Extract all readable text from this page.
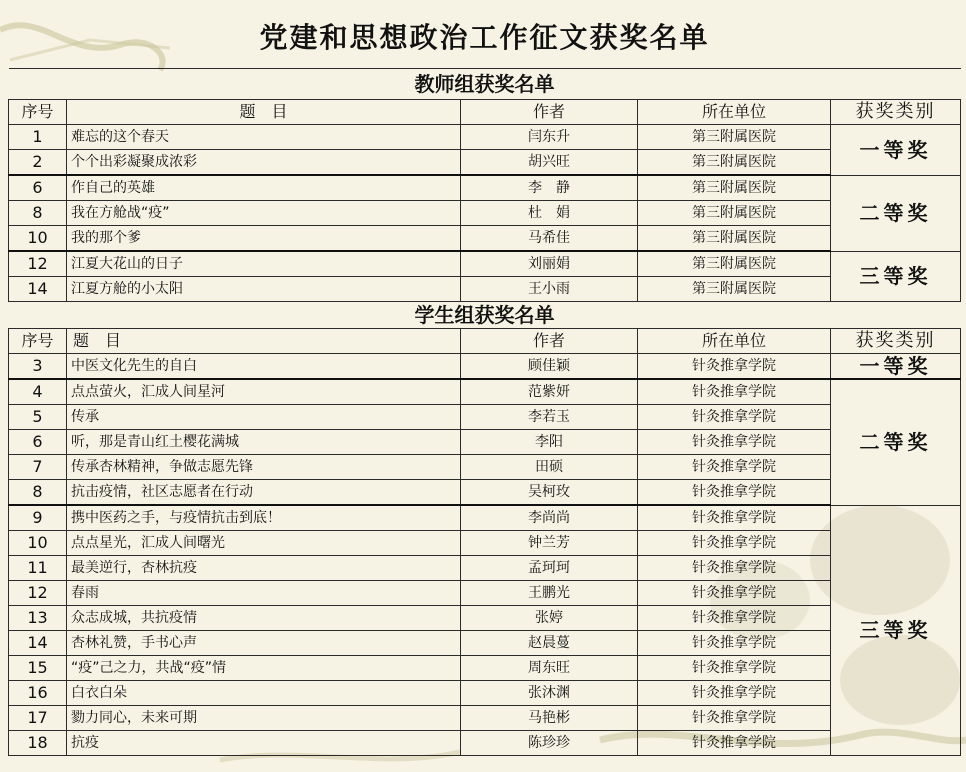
党建和思想政治工作征文获奖名单				
教师组获奖名单				
序号	题　目	作者	所在单位	获奖类别
1	难忘的这个春天	闫东升	第三附属医院	一等奖
2	个个出彩凝聚成浓彩	胡兴旺	第三附属医院	
6	作自己的英雄	李　静	第三附属医院	二等奖
8	我在方舱战“疫”	杜　娟	第三附属医院	
10	我的那个爹	马希佳	第三附属医院	
12	江夏大花山的日子	刘丽娟	第三附属医院	三等奖
14	江夏方舱的小太阳	王小雨	第三附属医院	
学生组获奖名单				
序号	题　目	作者	所在单位	获奖类别
3	中医文化先生的自白	顾佳颖	针灸推拿学院	一等奖
4	点点萤火，汇成人间星河	范紫妍	针灸推拿学院	二等奖
5	传承	李若玉	针灸推拿学院	
6	听，那是青山红土樱花满城	李阳	针灸推拿学院	
7	传承杏林精神，争做志愿先锋	田硕	针灸推拿学院	
8	抗击疫情，社区志愿者在行动	吴柯玫	针灸推拿学院	
9	携中医药之手，与疫情抗击到底！	李尚尚	针灸推拿学院	三等奖
10	点点星光，汇成人间曙光	钟兰芳	针灸推拿学院	
11	最美逆行，杏林抗疫	孟珂珂	针灸推拿学院	
12	春雨	王鹏光	针灸推拿学院	
13	众志成城，共抗疫情	张婷	针灸推拿学院	
14	杏林礼赞，手书心声	赵晨蔓	针灸推拿学院	
15	“疫”己之力，共战“疫”情	周东旺	针灸推拿学院	
16	白衣白朵	张沐渊	针灸推拿学院	
17	勠力同心，未来可期	马艳彬	针灸推拿学院	
18	抗疫	陈珍珍	针灸推拿学院	
